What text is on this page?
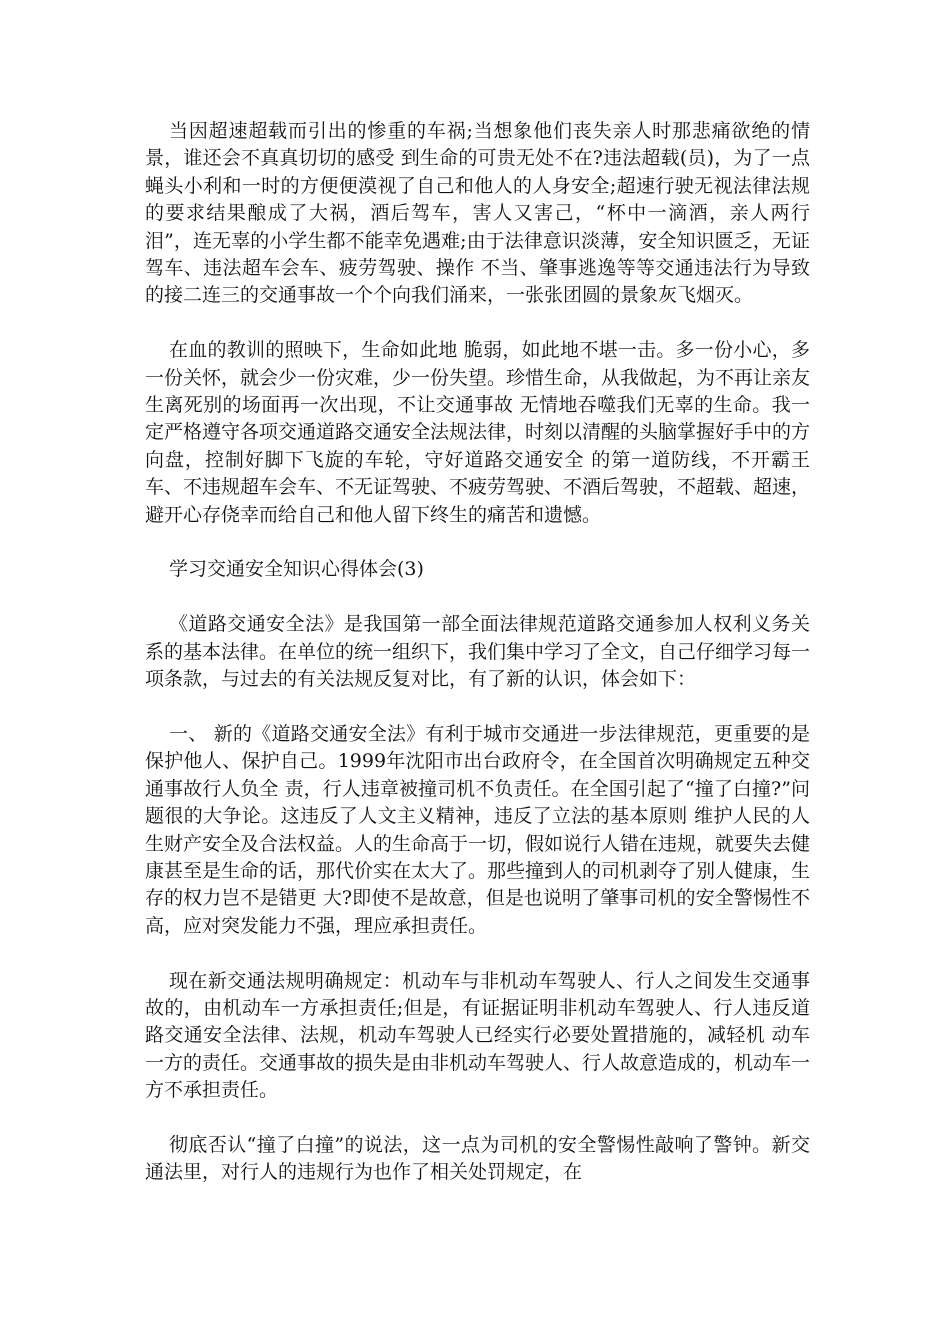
当因超速超载而引出的惨重的车祸;当想象他们丧失亲人时那悲痛欲绝的情景，谁还会不真真切切的感受 到生命的可贵无处不在?违法超载(员)，为了一点蝇头小利和一时的方便便漠视了自己和他人的人身安全;超速行驶无视法律法规的要求结果酿成了大祸，酒后驾车，害人又害己，“杯中一滴酒，亲人两行泪”，连无辜的小学生都不能幸免遇难;由于法律意识淡薄，安全知识匮乏，无证驾车、违法超车会车、疲劳驾驶、操作 不当、肇事逃逸等等交通违法行为导致的接二连三的交通事故一个个向我们涌来，一张张团圆的景象灰飞烟灭。

在血的教训的照映下，生命如此地 脆弱，如此地不堪一击。多一份小心，多一份关怀，就会少一份灾难，少一份失望。珍惜生命，从我做起，为不再让亲友生离死别的场面再一次出现，不让交通事故 无情地吞噬我们无辜的生命。我一定严格遵守各项交通道路交通安全法规法律，时刻以清醒的头脑掌握好手中的方向盘，控制好脚下飞旋的车轮，守好道路交通安全 的第一道防线，不开霸王车、不违规超车会车、不无证驾驶、不疲劳驾驶、不酒后驾驶，不超载、超速，避开心存侥幸而给自己和他人留下终生的痛苦和遗憾。

学习交通安全知识心得体会(3)

《道路交通安全法》是我国第一部全面法律规范道路交通参加人权利义务关系的基本法律。在单位的统一组织下，我们集中学习了全文，自己仔细学习每一项条款，与过去的有关法规反复对比，有了新的认识，体会如下：

一、 新的《道路交通安全法》有利于城市交通进一步法律规范，更重要的是保护他人、保护自己。1999年沈阳市出台政府令，在全国首次明确规定五种交通事故行人负全 责，行人违章被撞司机不负责任。在全国引起了“撞了白撞?”问题很的大争论。这违反了人文主义精神，违反了立法的基本原则 维护人民的人生财产安全及合法权益。人的生命高于一切，假如说行人错在违规，就要失去健康甚至是生命的话，那代价实在太大了。那些撞到人的司机剥夺了别人健康，生存的权力岂不是错更 大?即使不是故意，但是也说明了肇事司机的安全警惕性不高，应对突发能力不强，理应承担责任。

现在新交通法规明确规定：机动车与非机动车驾驶人、行人之间发生交通事故的，由机动车一方承担责任;但是，有证据证明非机动车驾驶人、行人违反道路交通安全法律、法规，机动车驾驶人已经实行必要处置措施的，减轻机 动车一方的责任。交通事故的损失是由非机动车驾驶人、行人故意造成的，机动车一方不承担责任。

彻底否认“撞了白撞”的说法，这一点为司机的安全警惕性敲响了警钟。新交通法里，对行人的违规行为也作了相关处罚规定，在
